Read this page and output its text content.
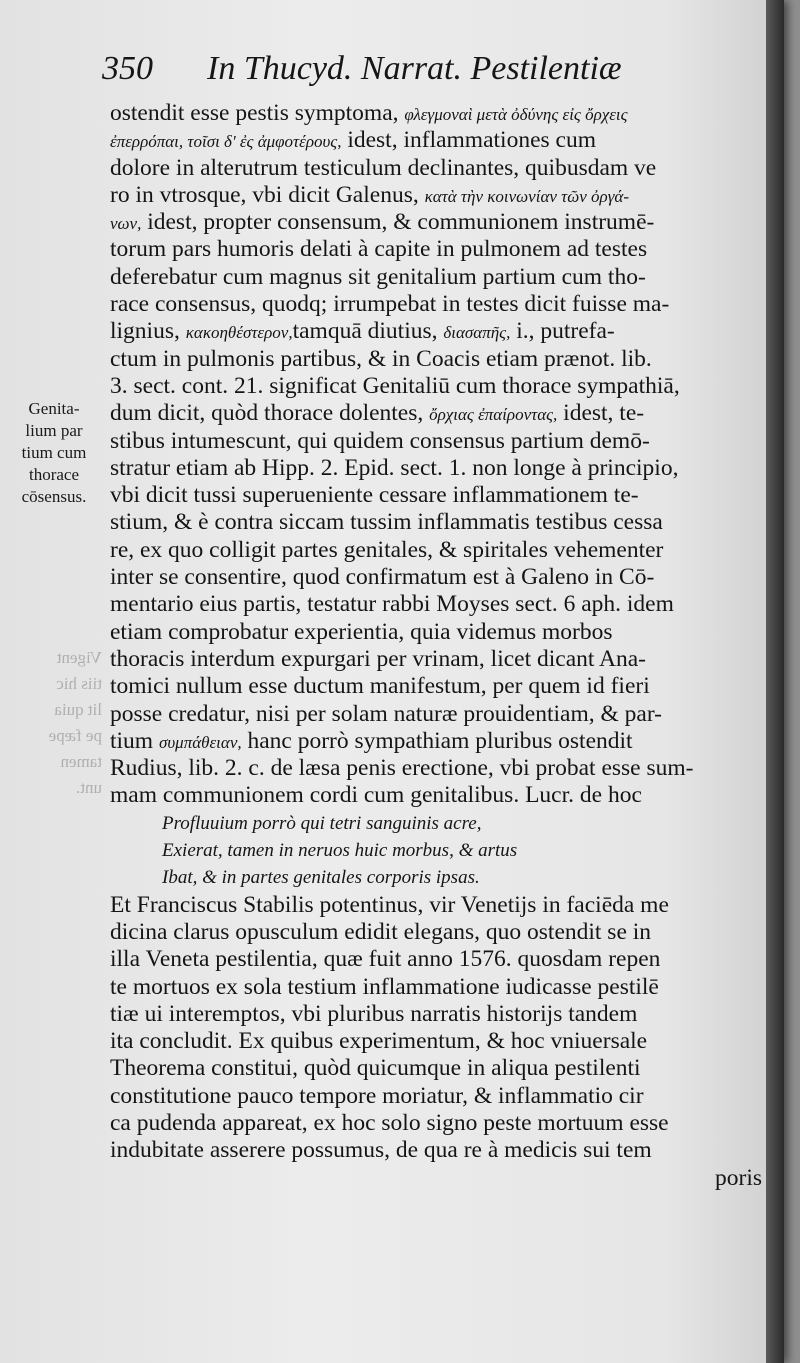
350 In Thucyd. Narrat. Pestilentiæ
Genita-
lium par
tium cum
thorace
cōsensus.
Vigent
tiis hic
lit quia
pe fæpe
tamen
unt.
ostendit esse pestis symptoma, φλεγμοναὶ μετὰ ὀδύνης εἰς ὄρχεις
ἐπερρόπαι, τοῖσι δ' ἐς ἀμφοτέρους, idest, inflammationes cum
dolore in alterutrum testiculum declinantes, quibusdam ve
ro in vtrosque, vbi dicit Galenus, κατὰ τὴν κοινωνίαν τῶν ὀργά-
νων, idest, propter consensum, & communionem instrumē-
torum pars humoris delati à capite in pulmonem ad testes
deferebatur cum magnus sit genitalium partium cum tho-
race consensus, quodq; irrumpebat in testes dicit fuisse ma-
lignius, κακοηθέστερον,tamquā diutius, διασαπῆς, i., putrefa-
ctum in pulmonis partibus, & in Coacis etiam prænot. lib.
3. sect. cont. 21. significat Genitaliū cum thorace sympathiā,
dum dicit, quòd thorace dolentes, ὄρχιας ἐπαίροντας, idest, te-
stibus intumescunt, qui quidem consensus partium demō-
stratur etiam ab Hipp. 2. Epid. sect. 1. non longe à principio,
vbi dicit tussi superueniente cessare inflammationem te-
stium, & è contra siccam tussim inflammatis testibus cessa
re, ex quo colligit partes genitales, & spiritales vehementer
inter se consentire, quod confirmatum est à Galeno in Cō-
mentario eius partis, testatur rabbi Moyses sect. 6 aph. idem
etiam comprobatur experientia, quia videmus morbos
thoracis interdum expurgari per vrinam, licet dicant Ana-
tomici nullum esse ductum manifestum, per quem id fieri
posse credatur, nisi per solam naturæ prouidentiam, & par-
tium συμπάθειαν, hanc porrò sympathiam pluribus ostendit
Rudius, lib. 2. c. de læsa penis erectione, vbi probat esse sum-
mam communionem cordi cum genitalibus. Lucr. de hoc
Profluuium porrò qui tetri sanguinis acre,
Exierat, tamen in neruos huic morbus, & artus
Ibat, & in partes genitales corporis ipsas.
Et Franciscus Stabilis potentinus, vir Venetijs in faciēda me
dicina clarus opusculum edidit elegans, quo ostendit se in
illa Veneta pestilentia, quæ fuit anno 1576. quosdam repen
te mortuos ex sola testium inflammatione iudicasse pestilē
tiæ ui interemptos, vbi pluribus narratis historijs tandem
ita concludit. Ex quibus experimentum, & hoc vniuersale
Theorema constitui, quòd quicumque in aliqua pestilenti
constitutione pauco tempore moriatur, & inflammatio cir
ca pudenda appareat, ex hoc solo signo peste mortuum esse
indubitate asserere possumus, de qua re à medicis sui tem
poris
